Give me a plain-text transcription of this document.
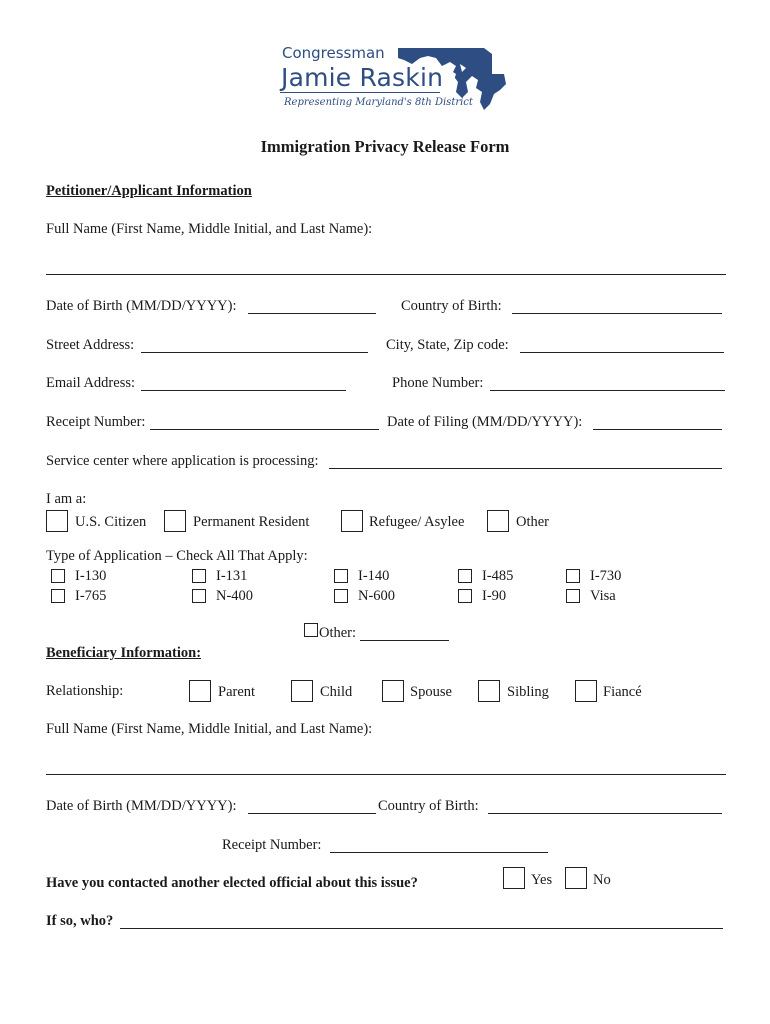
Congressman
Jamie Raskin
Representing Maryland's 8th District
Immigration Privacy Release Form
Petitioner/Applicant Information
Full Name (First Name, Middle Initial, and Last Name):
Date of Birth (MM/DD/YYYY):	Country of Birth:
Street Address:	City, State, Zip code:
Email Address:	Phone Number:
Receipt Number:	Date of Filing (MM/DD/YYYY):
Service center where application is processing:
I am a:
U.S. Citizen	Permanent Resident	Refugee/ Asylee	Other
Type of Application – Check All That Apply:
I-130	I-131	I-140	I-485	I-730
I-765	N-400	N-600	I-90	Visa
Other:
Beneficiary Information:
Relationship:	Parent	Child	Spouse	Sibling	Fiancé
Full Name (First Name, Middle Initial, and Last Name):
Date of Birth (MM/DD/YYYY):	Country of Birth:
Receipt Number:
Have you contacted another elected official about this issue?	Yes	No
If so, who?
